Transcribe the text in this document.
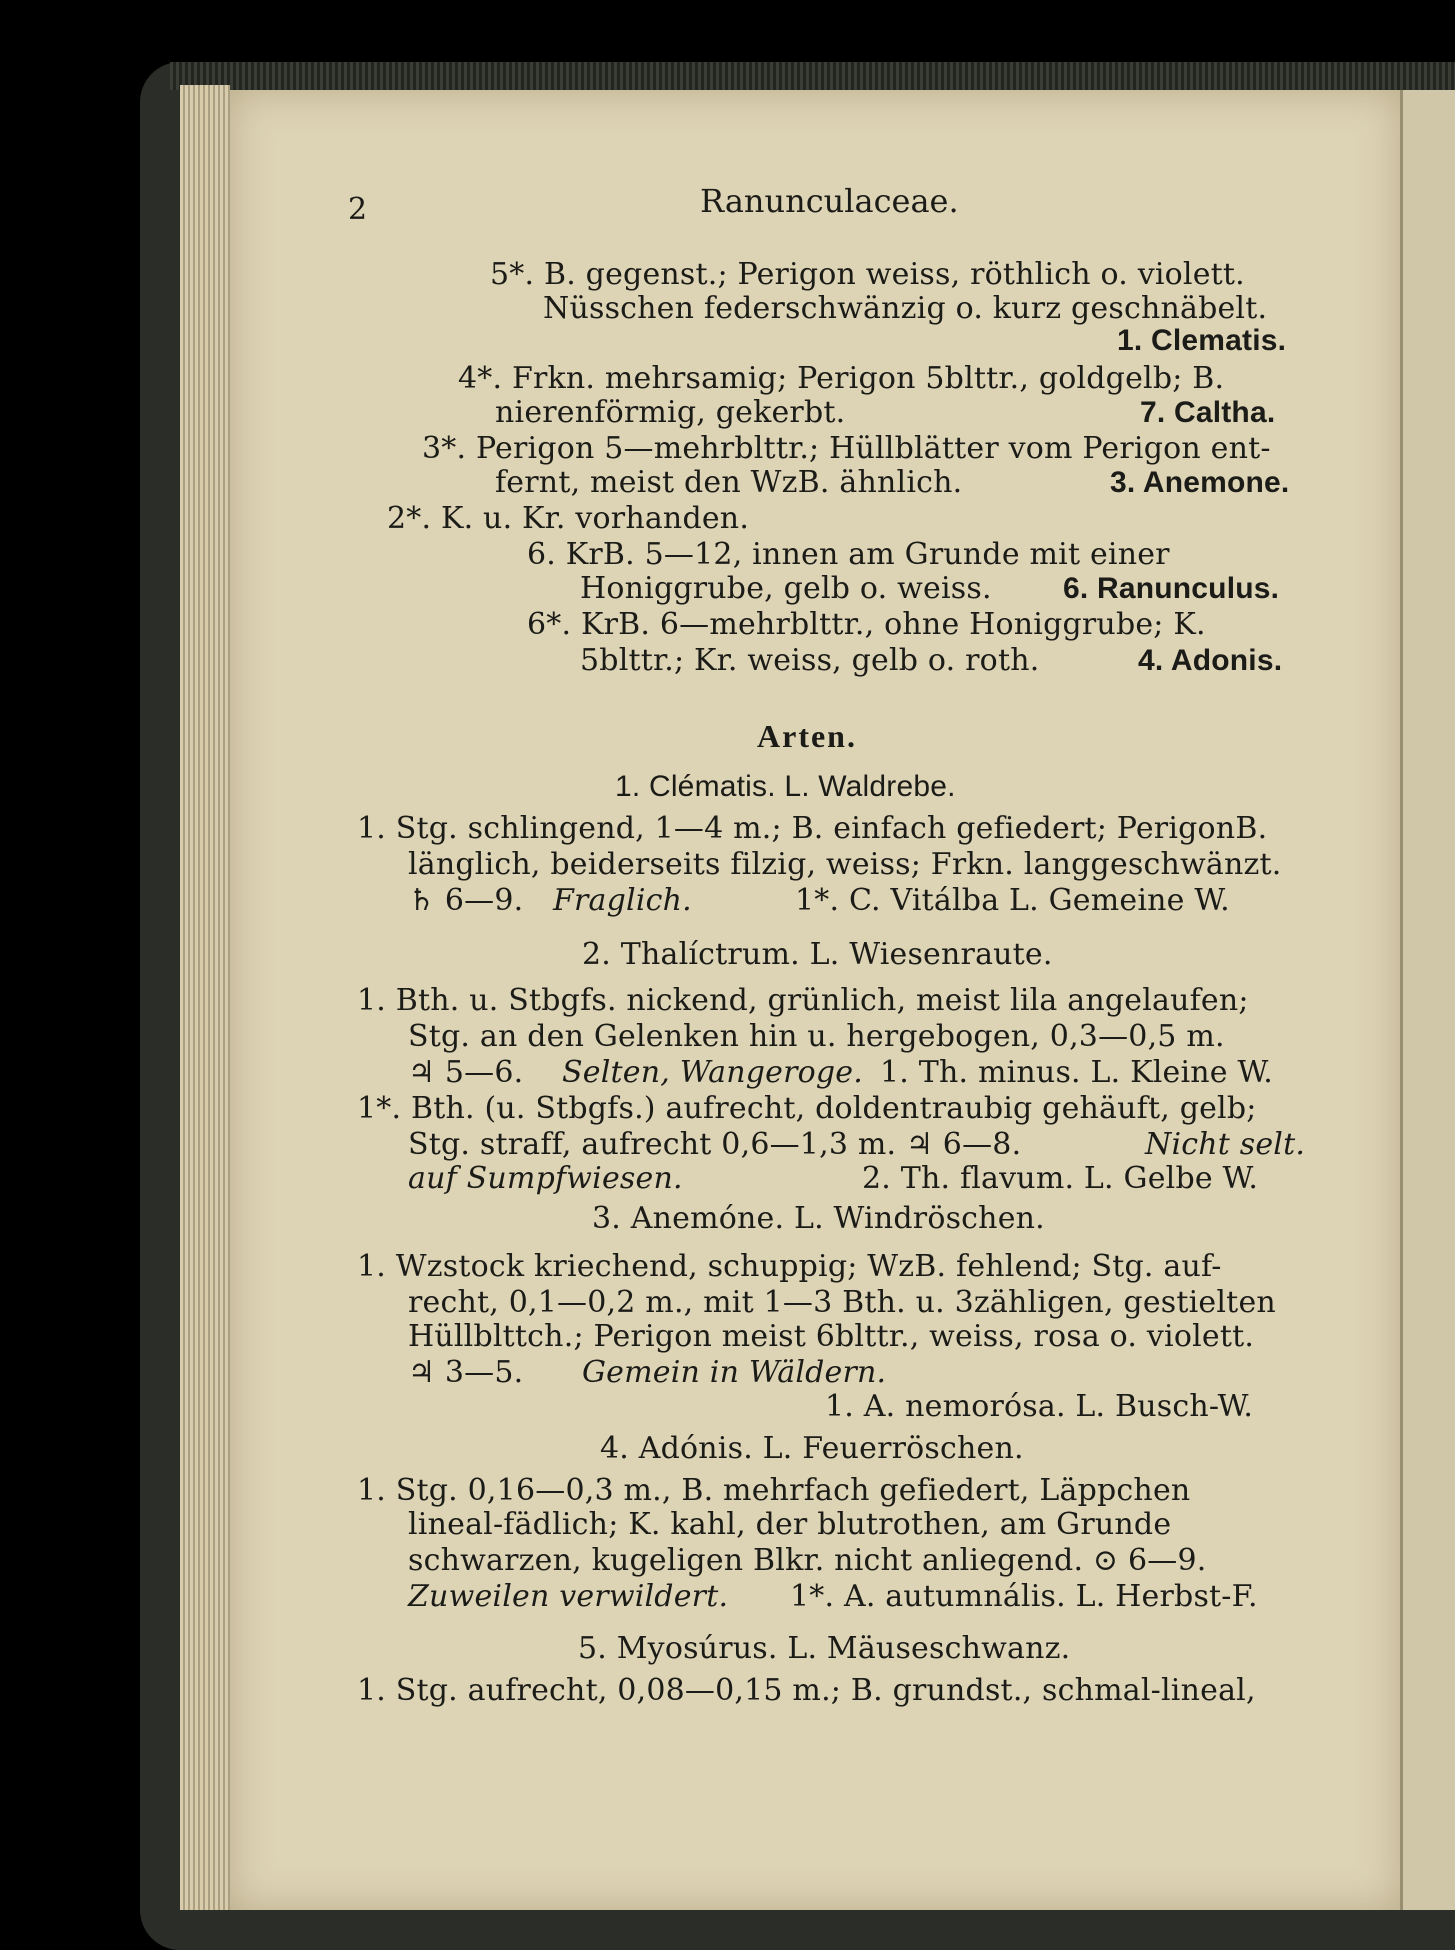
2	Ranunculaceae.
5*. B. gegenst.; Perigon weiss, röthlich o. violett.
Nüsschen federschwänzig o. kurz geschnäbelt.
1. Clematis.
4*. Frkn. mehrsamig; Perigon 5blttr., goldgelb; B.
nierenförmig, gekerbt.	7. Caltha.
3*. Perigon 5—mehrblttr.; Hüllblätter vom Perigon ent-
fernt, meist den WzB. ähnlich.	3. Anemone.
2*. K. u. Kr. vorhanden.
6. KrB. 5—12, innen am Grunde mit einer
Honiggrube, gelb o. weiss. 6. Ranunculus.
6*. KrB. 6—mehrblttr., ohne Honiggrube; K.
5blttr.; Kr. weiss, gelb o. roth.	4. Adonis.
Arten.
1. Clématis. L. Waldrebe.
1. Stg. schlingend, 1—4 m.; B. einfach gefiedert; PerigonB.
länglich, beiderseits filzig, weiss; Frkn. langgeschwänzt.
♄ 6—9. Fraglich.	1*. C. Vitálba L. Gemeine W.
2. Thalíctrum. L. Wiesenraute.
1. Bth. u. Stbgfs. nickend, grünlich, meist lila angelaufen;
Stg. an den Gelenken hin u. hergebogen, 0,3—0,5 m.
♃ 5—6. Selten, Wangeroge. 1. Th. minus. L. Kleine W.
1*. Bth. (u. Stbgfs.) aufrecht, doldentraubig gehäuft, gelb;
Stg. straff, aufrecht 0,6—1,3 m. ♃ 6—8.	Nicht selt.
auf Sumpfwiesen.	2. Th. flavum. L. Gelbe W.
3. Anemóne. L. Windröschen.
1. Wzstock kriechend, schuppig; WzB. fehlend; Stg. auf-
recht, 0,1—0,2 m., mit 1—3 Bth. u. 3zähligen, gestielten
Hüllblttch.; Perigon meist 6blttr., weiss, rosa o. violett.
♃ 3—5. Gemein in Wäldern.
1. A. nemorósa. L. Busch-W.
4. Adónis. L. Feuerröschen.
1. Stg. 0,16—0,3 m., B. mehrfach gefiedert, Läppchen
lineal-fädlich; K. kahl, der blutrothen, am Grunde
schwarzen, kugeligen Blkr. nicht anliegend. ⊙ 6—9.
Zuweilen verwildert. 1*. A. autumnális. L. Herbst-F.
5. Myosúrus. L. Mäuseschwanz.
1. Stg. aufrecht, 0,08—0,15 m.; B. grundst., schmal-lineal,
